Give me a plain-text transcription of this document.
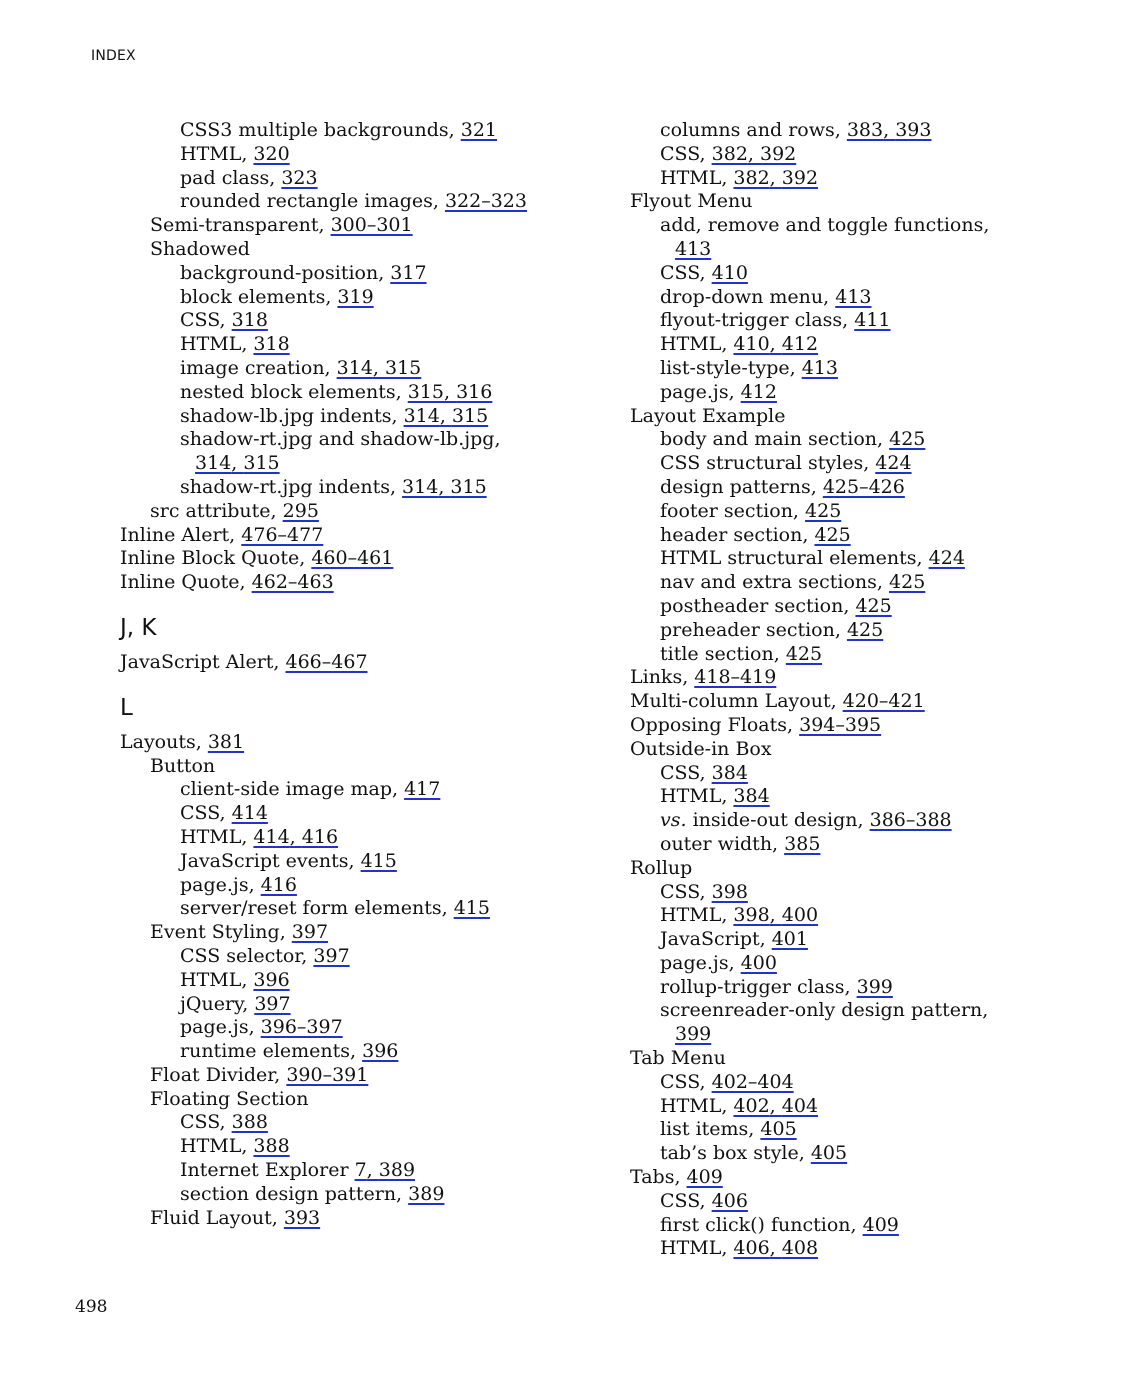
INDEX
CSS3 multiple backgrounds, 321
HTML, 320
pad class, 323
rounded rectangle images, 322–323
Semi-transparent, 300–301
Shadowed
background-position, 317
block elements, 319
CSS, 318
HTML, 318
image creation, 314, 315
nested block elements, 315, 316
shadow-lb.jpg indents, 314, 315
shadow-rt.jpg and shadow-lb.jpg,
314, 315
shadow-rt.jpg indents, 314, 315
src attribute, 295
Inline Alert, 476–477
Inline Block Quote, 460–461
Inline Quote, 462–463
J, K
JavaScript Alert, 466–467
L
Layouts, 381
Button
client-side image map, 417
CSS, 414
HTML, 414, 416
JavaScript events, 415
page.js, 416
server/reset form elements, 415
Event Styling, 397
CSS selector, 397
HTML, 396
jQuery, 397
page.js, 396–397
runtime elements, 396
Float Divider, 390–391
Floating Section
CSS, 388
HTML, 388
Internet Explorer 7, 389
section design pattern, 389
Fluid Layout, 393
columns and rows, 383, 393
CSS, 382, 392
HTML, 382, 392
Flyout Menu
add, remove and toggle functions,
413
CSS, 410
drop-down menu, 413
flyout-trigger class, 411
HTML, 410, 412
list-style-type, 413
page.js, 412
Layout Example
body and main section, 425
CSS structural styles, 424
design patterns, 425–426
footer section, 425
header section, 425
HTML structural elements, 424
nav and extra sections, 425
postheader section, 425
preheader section, 425
title section, 425
Links, 418–419
Multi-column Layout, 420–421
Opposing Floats, 394–395
Outside-in Box
CSS, 384
HTML, 384
vs. inside-out design, 386–388
outer width, 385
Rollup
CSS, 398
HTML, 398, 400
JavaScript, 401
page.js, 400
rollup-trigger class, 399
screenreader-only design pattern,
399
Tab Menu
CSS, 402–404
HTML, 402, 404
list items, 405
tab’s box style, 405
Tabs, 409
CSS, 406
first click() function, 409
HTML, 406, 408
498
